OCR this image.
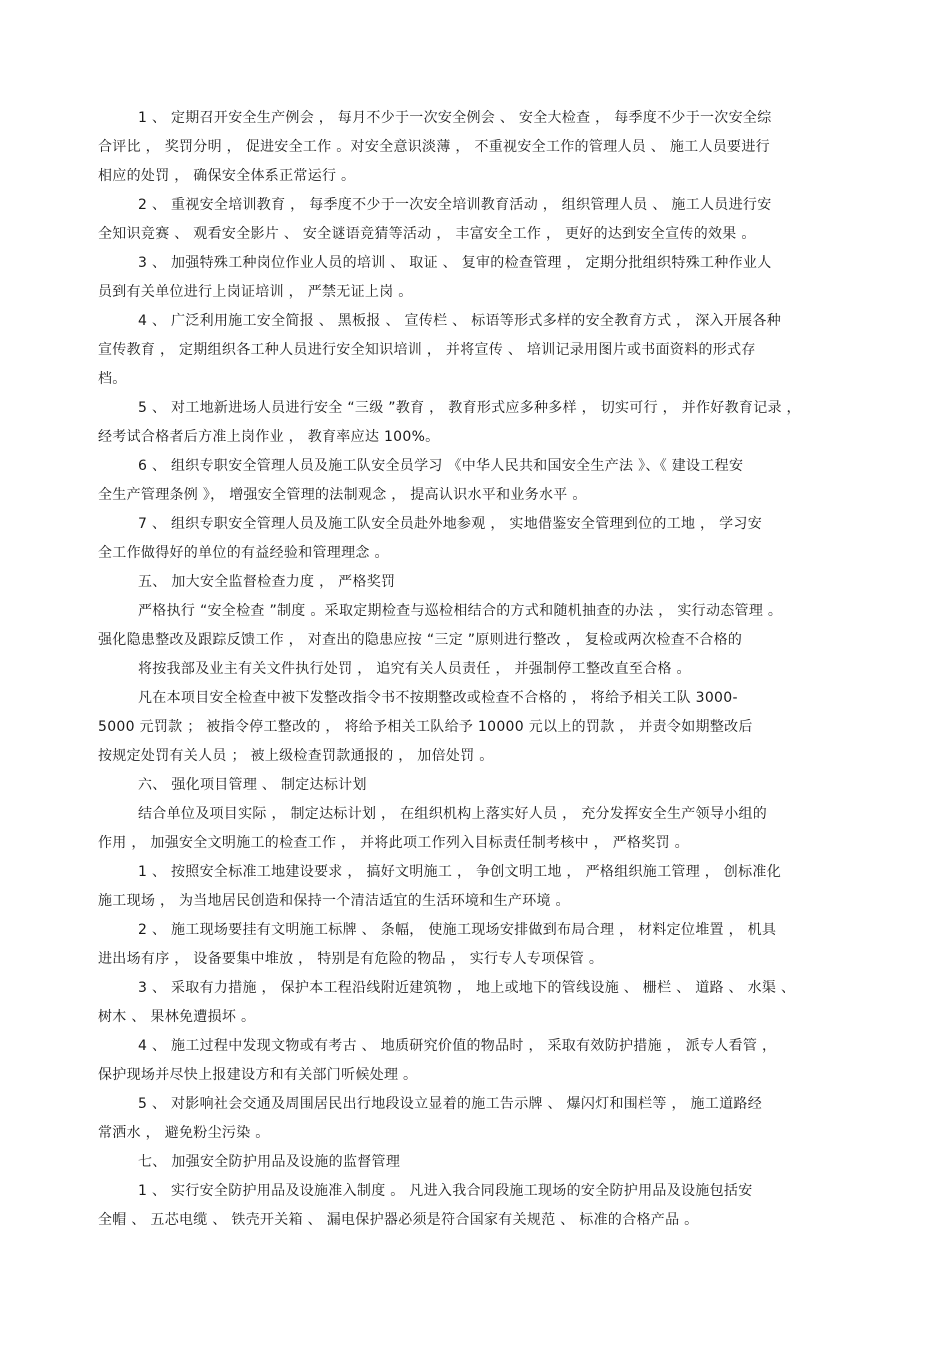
1 、 定期召开安全生产例会 ， 每月不少于一次安全例会 、 安全大检查 ， 每季度不少于一次安全综
合评比 ， 奖罚分明 ， 促进安全工作 。对安全意识淡薄 ， 不重视安全工作的管理人员 、 施工人员要进行
相应的处罚 ， 确保安全体系正常运行 。

2 、 重视安全培训教育 ， 每季度不少于一次安全培训教育活动 ， 组织管理人员 、 施工人员进行安
全知识竞赛 、 观看安全影片 、 安全谜语竞猜等活动 ， 丰富安全工作 ， 更好的达到安全宣传的效果 。

3 、 加强特殊工种岗位作业人员的培训 、 取证 、 复审的检查管理 ， 定期分批组织特殊工种作业人
员到有关单位进行上岗证培训 ， 严禁无证上岗 。

4 、 广泛利用施工安全简报 、 黑板报 、 宣传栏 、 标语等形式多样的安全教育方式 ， 深入开展各种
宣传教育 ， 定期组织各工种人员进行安全知识培训 ， 并将宣传 、 培训记录用图片或书面资料的形式存
档。

5 、 对工地新进场人员进行安全 “三级 ”教育 ， 教育形式应多种多样 ， 切实可行 ， 并作好教育记录 ，
经考试合格者后方准上岗作业 ， 教育率应达 100%。

6 、 组织专职安全管理人员及施工队安全员学习 《中华人民共和国安全生产法 》、《 建设工程安
全生产管理条例 》， 增强安全管理的法制观念 ， 提高认识水平和业务水平 。

7 、 组织专职安全管理人员及施工队安全员赴外地参观 ， 实地借鉴安全管理到位的工地 ， 学习安
全工作做得好的单位的有益经验和管理理念 。

五、 加大安全监督检查力度 ， 严格奖罚

严格执行 “安全检查 ”制度 。采取定期检查与巡检相结合的方式和随机抽查的办法 ， 实行动态管理 。
强化隐患整改及跟踪反馈工作 ， 对查出的隐患应按 “三定 ”原则进行整改 ， 复检或两次检查不合格的

将按我部及业主有关文件执行处罚 ， 追究有关人员责任 ， 并强制停工整改直至合格 。

凡在本项目安全检查中被下发整改指令书不按期整改或检查不合格的 ， 将给予相关工队 3000-
5000 元罚款 ； 被指令停工整改的 ， 将给予相关工队给予 10000 元以上的罚款 ， 并责令如期整改后
按规定处罚有关人员 ； 被上级检查罚款通报的 ， 加倍处罚 。

六、 强化项目管理 、 制定达标计划

结合单位及项目实际 ， 制定达标计划 ， 在组织机构上落实好人员 ， 充分发挥安全生产领导小组的
作用 ， 加强安全文明施工的检查工作 ， 并将此项工作列入目标责任制考核中 ， 严格奖罚 。

1 、 按照安全标准工地建设要求 ， 搞好文明施工 ， 争创文明工地 ， 严格组织施工管理 ， 创标准化
施工现场 ， 为当地居民创造和保持一个清洁适宜的生活环境和生产环境 。

2 、 施工现场要挂有文明施工标牌 、 条幅， 使施工现场安排做到布局合理 ， 材料定位堆置 ， 机具
进出场有序 ， 设备要集中堆放 ， 特别是有危险的物品 ， 实行专人专项保管 。

3 、 采取有力措施 ， 保护本工程沿线附近建筑物 ， 地上或地下的管线设施 、 栅栏 、 道路 、 水渠 、
树木 、 果林免遭损坏 。

4 、 施工过程中发现文物或有考古 、 地质研究价值的物品时 ， 采取有效防护措施 ， 派专人看管 ，
保护现场并尽快上报建设方和有关部门听候处理 。

5 、 对影响社会交通及周围居民出行地段设立显着的施工告示牌 、 爆闪灯和围栏等 ， 施工道路经
常洒水 ， 避免粉尘污染 。

七、 加强安全防护用品及设施的监督管理

1 、 实行安全防护用品及设施准入制度 。 凡进入我合同段施工现场的安全防护用品及设施包括安
全帽 、 五芯电缆 、 铁壳开关箱 、 漏电保护器必须是符合国家有关规范 、 标准的合格产品 。
